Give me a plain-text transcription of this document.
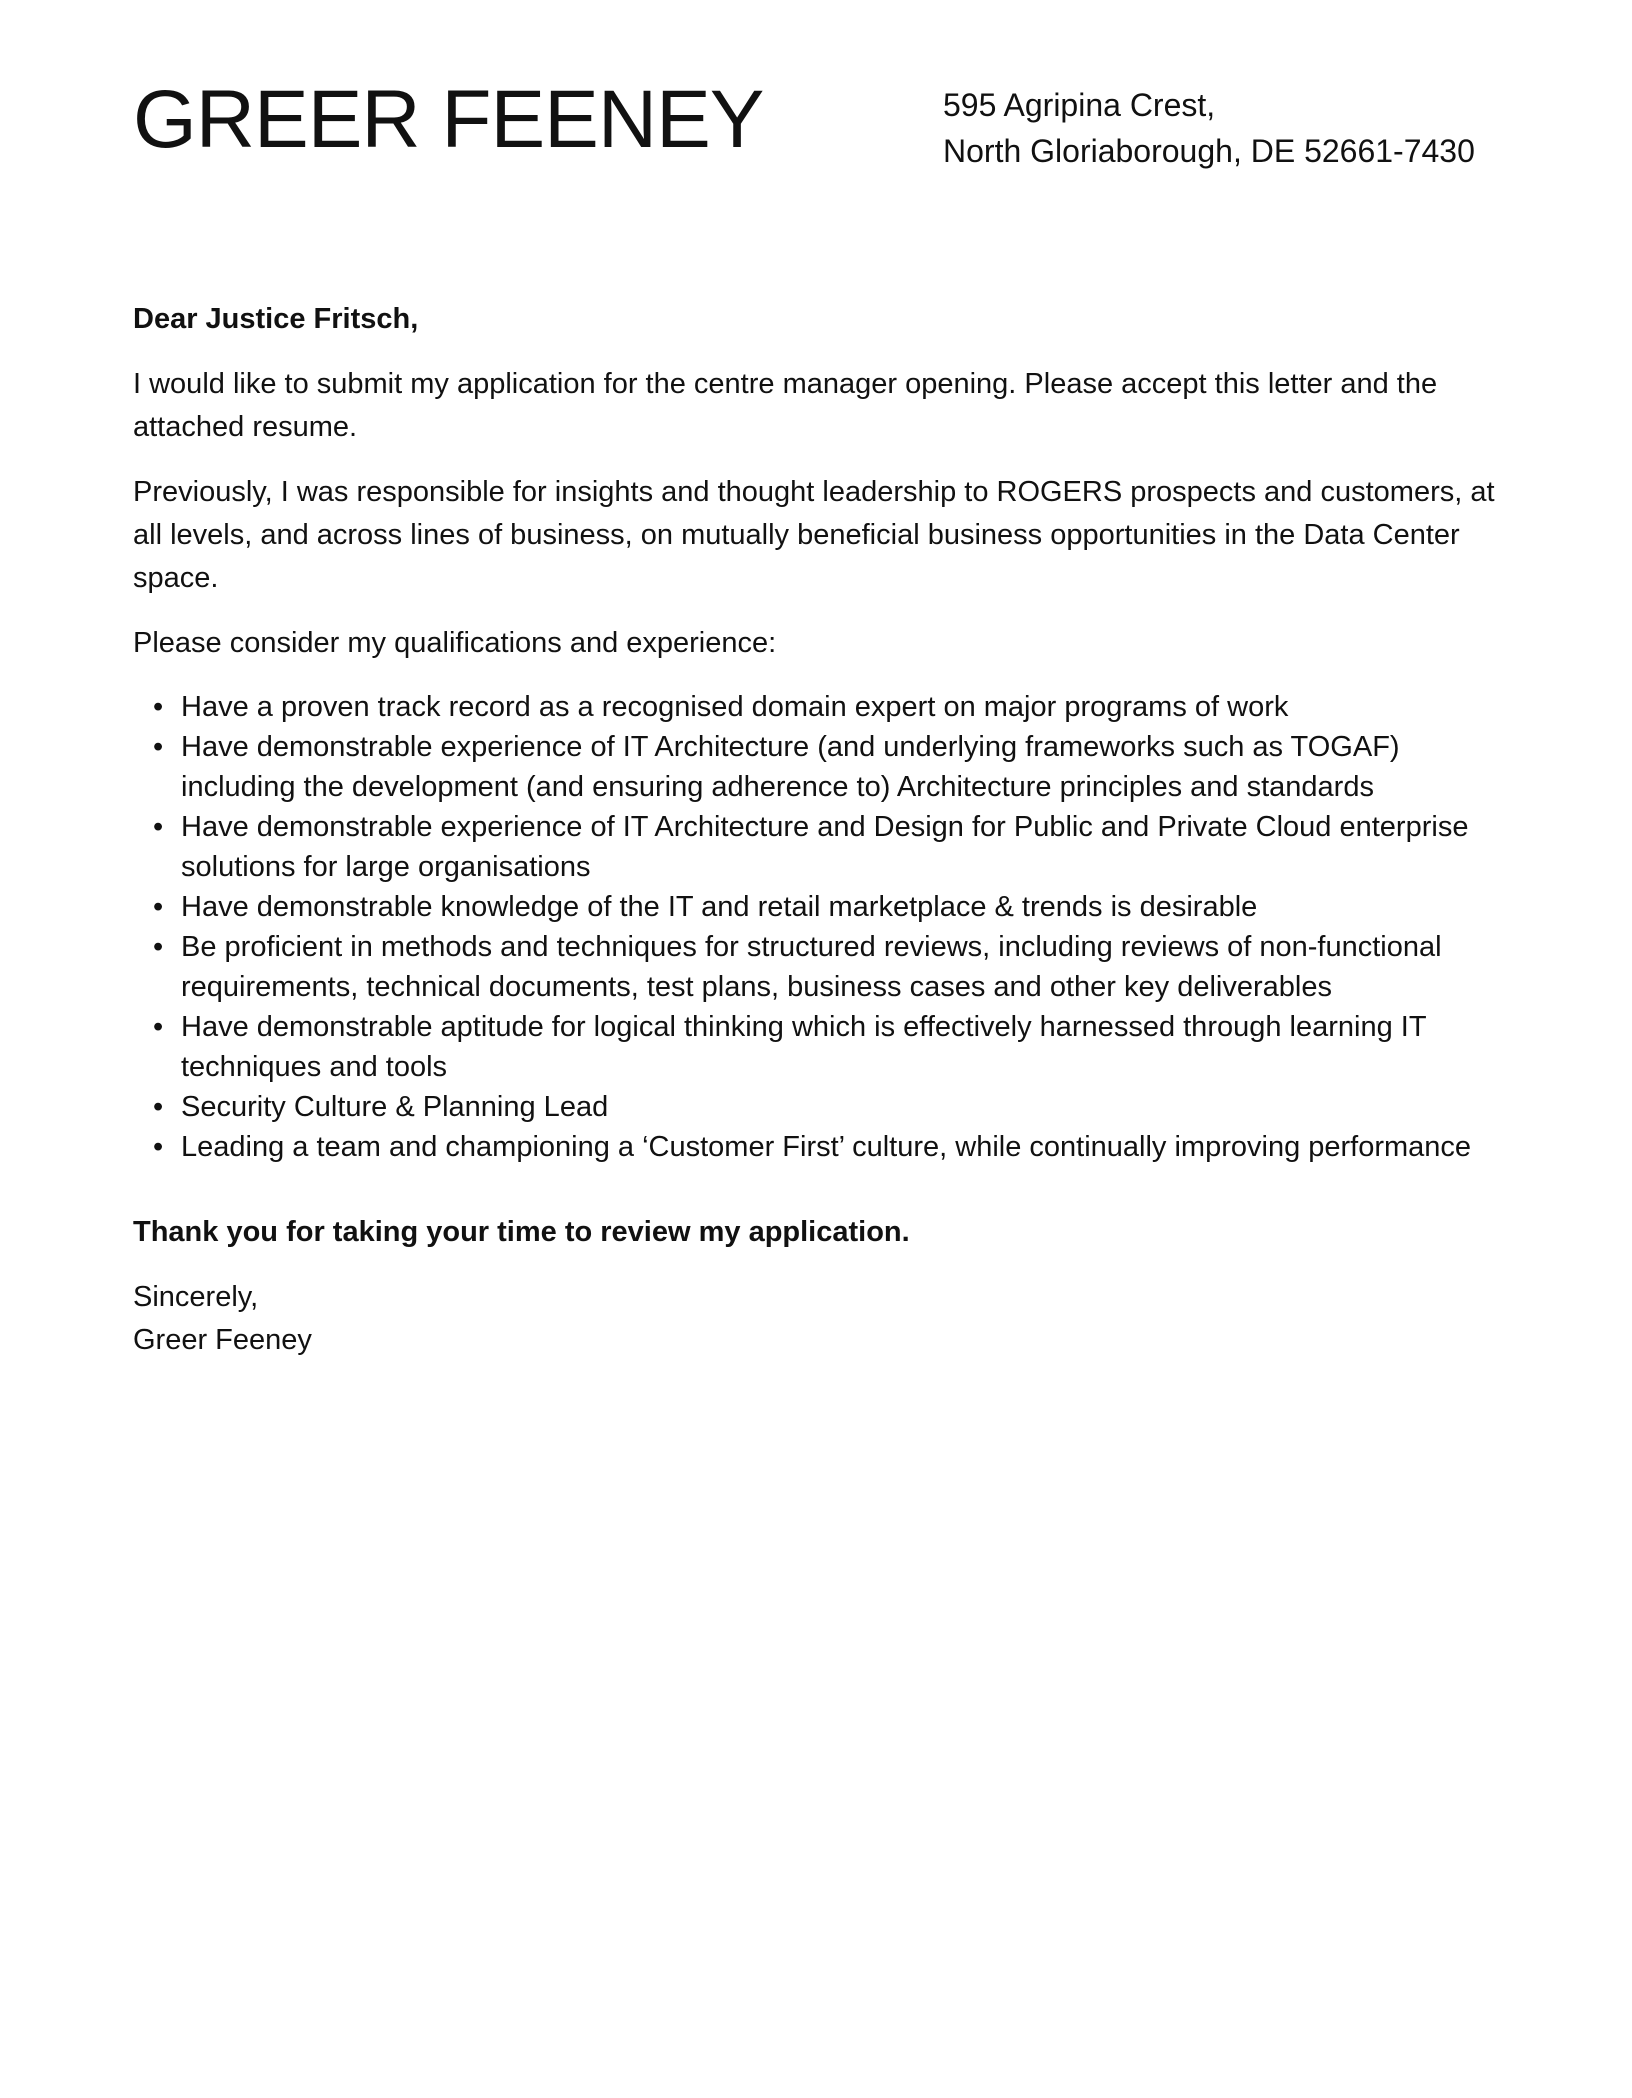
GREER FEENEY	595 Agripina Crest,
North Gloriaborough, DE 52661-7430

Dear Justice Fritsch,

I would like to submit my application for the centre manager opening. Please accept this letter and the attached resume.

Previously, I was responsible for insights and thought leadership to ROGERS prospects and customers, at all levels, and across lines of business, on mutually beneficial business opportunities in the Data Center space.

Please consider my qualifications and experience:

• Have a proven track record as a recognised domain expert on major programs of work
• Have demonstrable experience of IT Architecture (and underlying frameworks such as TOGAF) including the development (and ensuring adherence to) Architecture principles and standards
• Have demonstrable experience of IT Architecture and Design for Public and Private Cloud enterprise solutions for large organisations
• Have demonstrable knowledge of the IT and retail marketplace & trends is desirable
• Be proficient in methods and techniques for structured reviews, including reviews of non-functional requirements, technical documents, test plans, business cases and other key deliverables
• Have demonstrable aptitude for logical thinking which is effectively harnessed through learning IT techniques and tools
• Security Culture & Planning Lead
• Leading a team and championing a ‘Customer First’ culture, while continually improving performance

Thank you for taking your time to review my application.

Sincerely,
Greer Feeney
